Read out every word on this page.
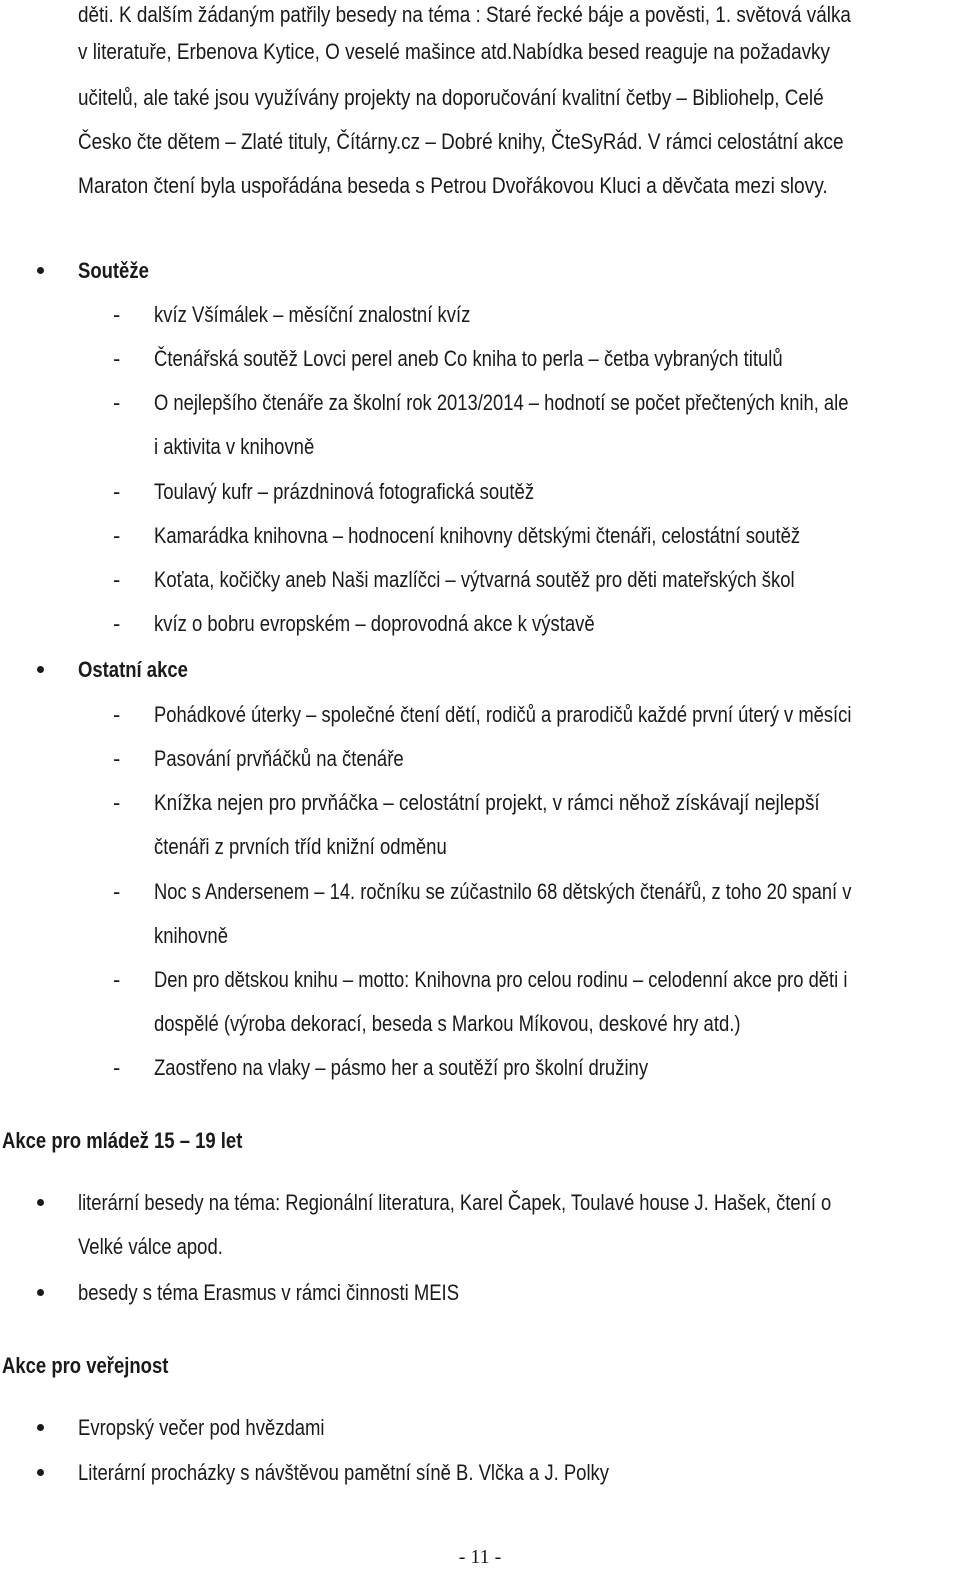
děti. K dalším žádaným patřily besedy na téma : Staré řecké báje a pověsti, 1. světová válka
v literatuře, Erbenova Kytice, O veselé mašince atd.Nabídka besed reaguje na požadavky
učitelů, ale také jsou využívány projekty na doporučování kvalitní četby – Bibliohelp, Celé
Česko čte dětem – Zlaté tituly, Čítárny.cz – Dobré knihy, ČteSyRád. V rámci celostátní akce
Maraton čtení byla uspořádána beseda s Petrou Dvořákovou Kluci a děvčata mezi slovy.
Soutěže
- kvíz Všímálek – měsíční znalostní kvíz
- Čtenářská soutěž Lovci perel aneb Co kniha to perla – četba vybraných titulů
- O nejlepšího čtenáře za školní rok 2013/2014 – hodnotí se počet přečtených knih, ale
i aktivita v knihovně
- Toulavý kufr – prázdninová fotografická soutěž
- Kamarádka knihovna – hodnocení knihovny dětskými čtenáři, celostátní soutěž
- Koťata, kočičky aneb Naši mazlíčci – výtvarná soutěž pro děti mateřských škol
- kvíz o bobru evropském – doprovodná akce k výstavě
Ostatní akce
- Pohádkové úterky – společné čtení dětí, rodičů a prarodičů každé první úterý v měsíci
- Pasování prvňáčků na čtenáře
- Knížka nejen pro prvňáčka – celostátní projekt, v rámci něhož získávají nejlepší
čtenáři z prvních tříd knižní odměnu
- Noc s Andersenem – 14. ročníku se zúčastnilo 68 dětských čtenářů, z toho 20 spaní v
knihovně
- Den pro dětskou knihu – motto: Knihovna pro celou rodinu – celodenní akce pro děti i
dospělé (výroba dekorací, beseda s Markou Míkovou, deskové hry atd.)
- Zaostřeno na vlaky – pásmo her a soutěží pro školní družiny
Akce pro mládež 15 – 19 let
literární besedy na téma: Regionální literatura, Karel Čapek, Toulavé house J. Hašek, čtení o
Velké válce apod.
besedy s téma Erasmus v rámci činnosti MEIS
Akce pro veřejnost
Evropský večer pod hvězdami
Literární procházky s návštěvou pamětní síně B. Vlčka a J. Polky
- 11 -
